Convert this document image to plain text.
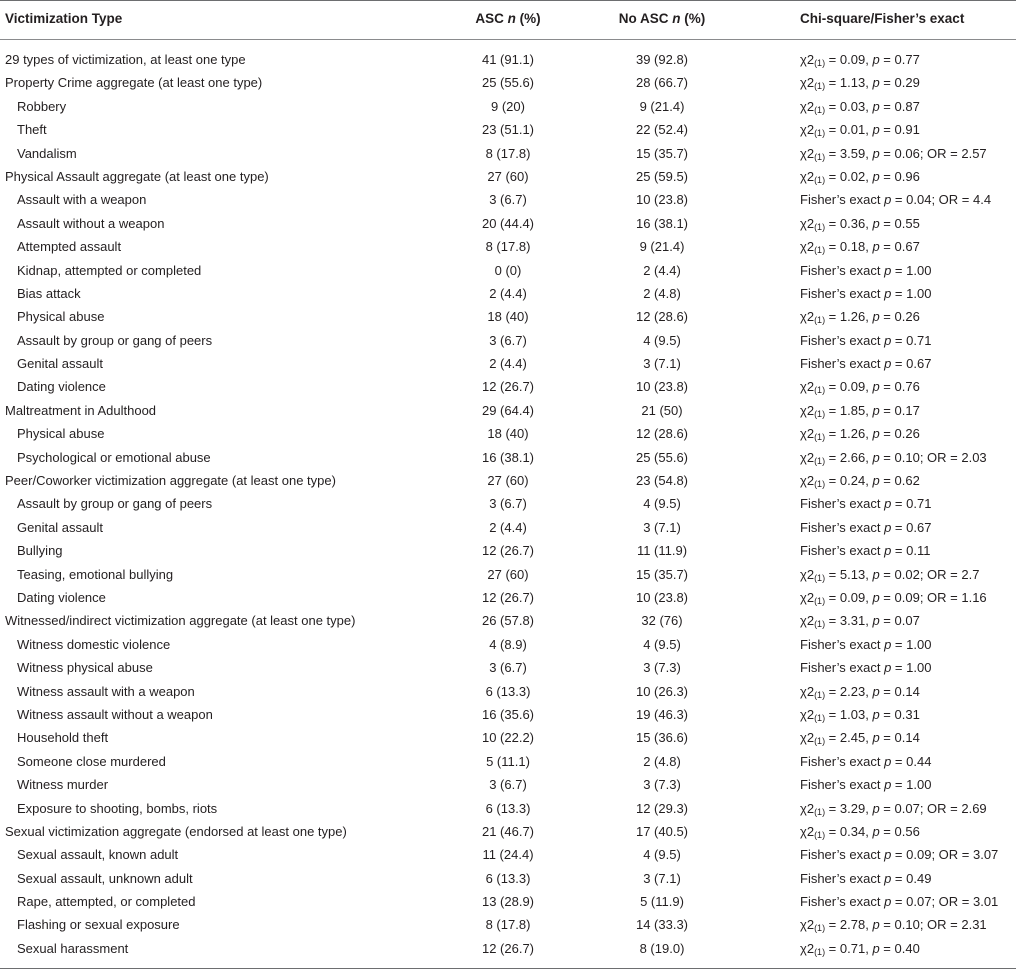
Victimization Type	ASC n (%)	No ASC n (%)	Chi-square/Fisher’s exact
29 types of victimization, at least one type	41 (91.1)	39 (92.8)	$\chi 2_{(1)} = 0.09$, p = 0.77
Property Crime aggregate (at least one type)	25 (55.6)	28 (66.7)	$\chi 2_{(1)} = 1.13$, p = 0.29
Robbery	9 (20)	9 (21.4)	$\chi 2_{(1)} = 0.03$, p = 0.87
Theft	23 (51.1)	22 (52.4)	$\chi 2_{(1)} = 0.01$, p = 0.91
Vandalism	8 (17.8)	15 (35.7)	$\chi 2_{(1)} = 3.59$, p = 0.06; OR = 2.57
Physical Assault aggregate (at least one type)	27 (60)	25 (59.5)	$\chi 2_{(1)} = 0.02$, p = 0.96
Assault with a weapon	3 (6.7)	10 (23.8)	Fisher’s exact p = 0.04; OR = 4.4
Assault without a weapon	20 (44.4)	16 (38.1)	$\chi 2_{(1)} = 0.36$, p = 0.55
Attempted assault	8 (17.8)	9 (21.4)	$\chi 2_{(1)} = 0.18$, p = 0.67
Kidnap, attempted or completed	0 (0)	2 (4.4)	Fisher’s exact p = 1.00
Bias attack	2 (4.4)	2 (4.8)	Fisher’s exact p = 1.00
Physical abuse	18 (40)	12 (28.6)	$\chi 2_{(1)} = 1.26$, p = 0.26
Assault by group or gang of peers	3 (6.7)	4 (9.5)	Fisher’s exact p = 0.71
Genital assault	2 (4.4)	3 (7.1)	Fisher’s exact p = 0.67
Dating violence	12 (26.7)	10 (23.8)	$\chi 2_{(1)} = 0.09$, p = 0.76
Maltreatment in Adulthood	29 (64.4)	21 (50)	$\chi 2_{(1)} = 1.85$, p = 0.17
Physical abuse	18 (40)	12 (28.6)	$\chi 2_{(1)} = 1.26$, p = 0.26
Psychological or emotional abuse	16 (38.1)	25 (55.6)	$\chi 2_{(1)} = 2.66$, p = 0.10; OR = 2.03
Peer/Coworker victimization aggregate (at least one type)	27 (60)	23 (54.8)	$\chi 2_{(1)} = 0.24$, p = 0.62
Assault by group or gang of peers	3 (6.7)	4 (9.5)	Fisher’s exact p = 0.71
Genital assault	2 (4.4)	3 (7.1)	Fisher’s exact p = 0.67
Bullying	12 (26.7)	11 (11.9)	Fisher’s exact p = 0.11
Teasing, emotional bullying	27 (60)	15 (35.7)	$\chi 2_{(1)} = 5.13$, p = 0.02; OR = 2.7
Dating violence	12 (26.7)	10 (23.8)	$\chi 2_{(1)} = 0.09$, p = 0.09; OR = 1.16
Witnessed/indirect victimization aggregate (at least one type)	26 (57.8)	32 (76)	$\chi 2_{(1)} = 3.31$, p = 0.07
Witness domestic violence	4 (8.9)	4 (9.5)	Fisher’s exact p = 1.00
Witness physical abuse	3 (6.7)	3 (7.3)	Fisher’s exact p = 1.00
Witness assault with a weapon	6 (13.3)	10 (26.3)	$\chi 2_{(1)} = 2.23$, p = 0.14
Witness assault without a weapon	16 (35.6)	19 (46.3)	$\chi 2_{(1)} = 1.03$, p = 0.31
Household theft	10 (22.2)	15 (36.6)	$\chi 2_{(1)} = 2.45$, p = 0.14
Someone close murdered	5 (11.1)	2 (4.8)	Fisher’s exact p = 0.44
Witness murder	3 (6.7)	3 (7.3)	Fisher’s exact p = 1.00
Exposure to shooting, bombs, riots	6 (13.3)	12 (29.3)	$\chi 2_{(1)} = 3.29$, p = 0.07; OR = 2.69
Sexual victimization aggregate (endorsed at least one type)	21 (46.7)	17 (40.5)	$\chi 2_{(1)} = 0.34$, p = 0.56
Sexual assault, known adult	11 (24.4)	4 (9.5)	Fisher’s exact p = 0.09; OR = 3.07
Sexual assault, unknown adult	6 (13.3)	3 (7.1)	Fisher’s exact p = 0.49
Rape, attempted, or completed	13 (28.9)	5 (11.9)	Fisher’s exact p = 0.07; OR = 3.01
Flashing or sexual exposure	8 (17.8)	14 (33.3)	$\chi 2_{(1)} = 2.78$, p = 0.10; OR = 2.31
Sexual harassment	12 (26.7)	8 (19.0)	$\chi 2_{(1)} = 0.71$, p = 0.40
